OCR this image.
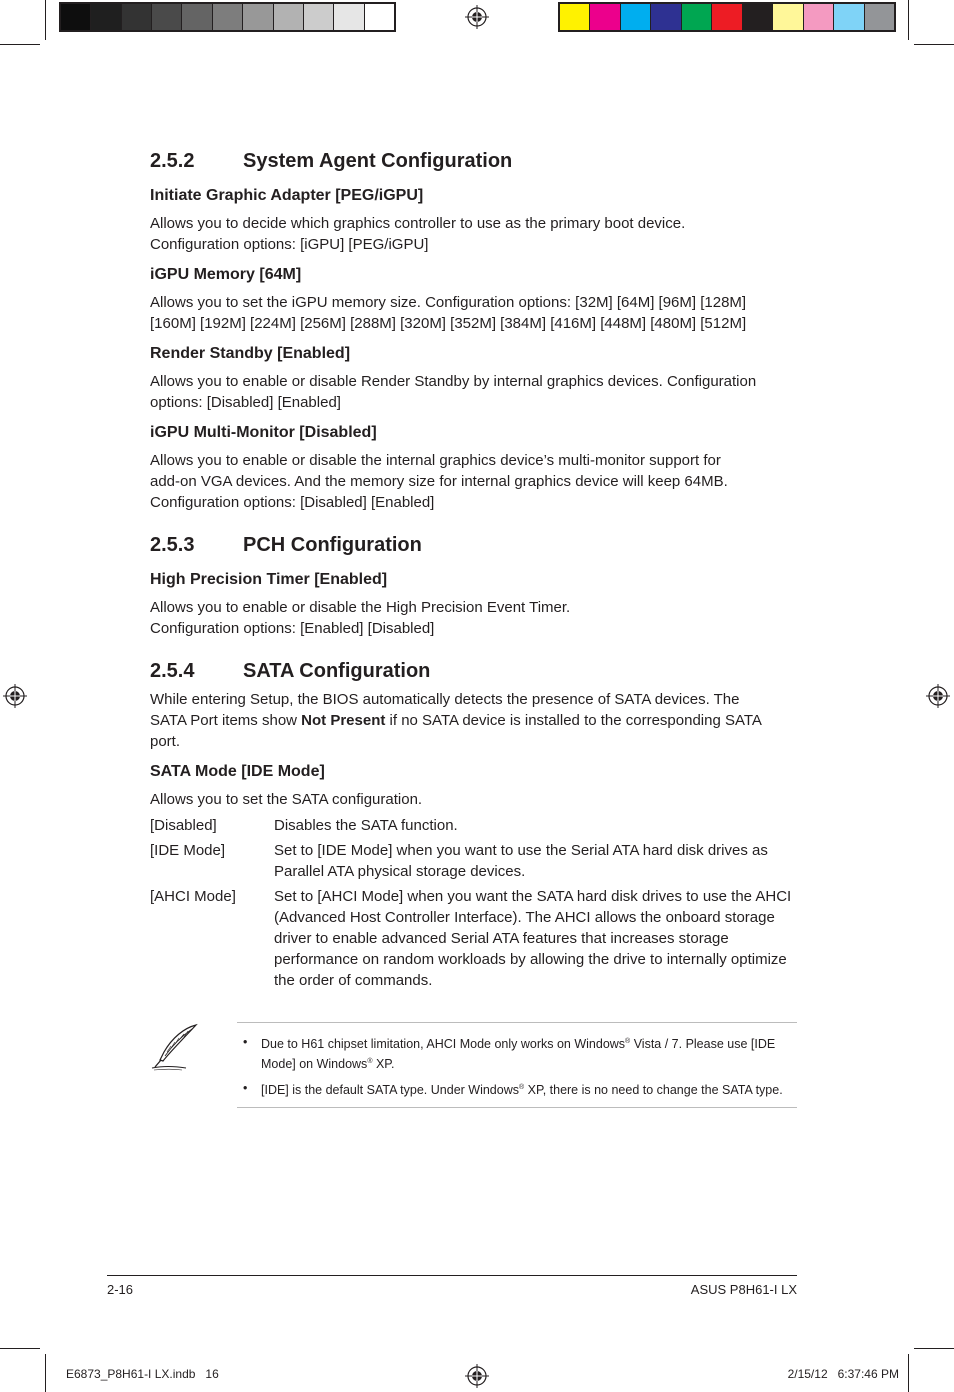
2.5.2	System Agent Configuration
Initiate Graphic Adapter [PEG/iGPU]
Allows you to decide which graphics controller to use as the primary boot device.
Configuration options: [iGPU] [PEG/iGPU]
iGPU Memory [64M]
Allows you to set the iGPU memory size. Configuration options: [32M] [64M] [96M] [128M]
[160M] [192M] [224M] [256M] [288M] [320M] [352M] [384M] [416M] [448M] [480M] [512M]
Render Standby [Enabled]
Allows you to enable or disable Render Standby by internal graphics devices. Configuration
options: [Disabled] [Enabled]
iGPU Multi-Monitor [Disabled]
Allows you to enable or disable the internal graphics device’s multi-monitor support for
add-on VGA devices. And the memory size for internal graphics device will keep 64MB.
Configuration options: [Disabled] [Enabled]
2.5.3	PCH Configuration
High Precision Timer [Enabled]
Allows you to enable or disable the High Precision Event Timer.
Configuration options: [Enabled] [Disabled]
2.5.4	SATA Configuration
While entering Setup, the BIOS automatically detects the presence of SATA devices. The
SATA Port items show Not Present if no SATA device is installed to the corresponding SATA
port.
SATA Mode [IDE Mode]
Allows you to set the SATA configuration.
[Disabled]	Disables the SATA function.
[IDE Mode]	Set to [IDE Mode] when you want to use the Serial ATA hard disk drives as Parallel ATA physical storage devices.
[AHCI Mode]	Set to [AHCI Mode] when you want the SATA hard disk drives to use the AHCI (Advanced Host Controller Interface). The AHCI allows the onboard storage driver to enable advanced Serial ATA features that increases storage performance on random workloads by allowing the drive to internally optimize the order of commands.
•	Due to H61 chipset limitation, AHCI Mode only works on Windows® Vista / 7. Please use [IDE Mode] on Windows® XP.
•	[IDE] is the default SATA type. Under Windows® XP, there is no need to change the SATA type.
2-16	ASUS P8H61-I LX
E6873_P8H61-I LX.indb   16	2/15/12   6:37:46 PM
